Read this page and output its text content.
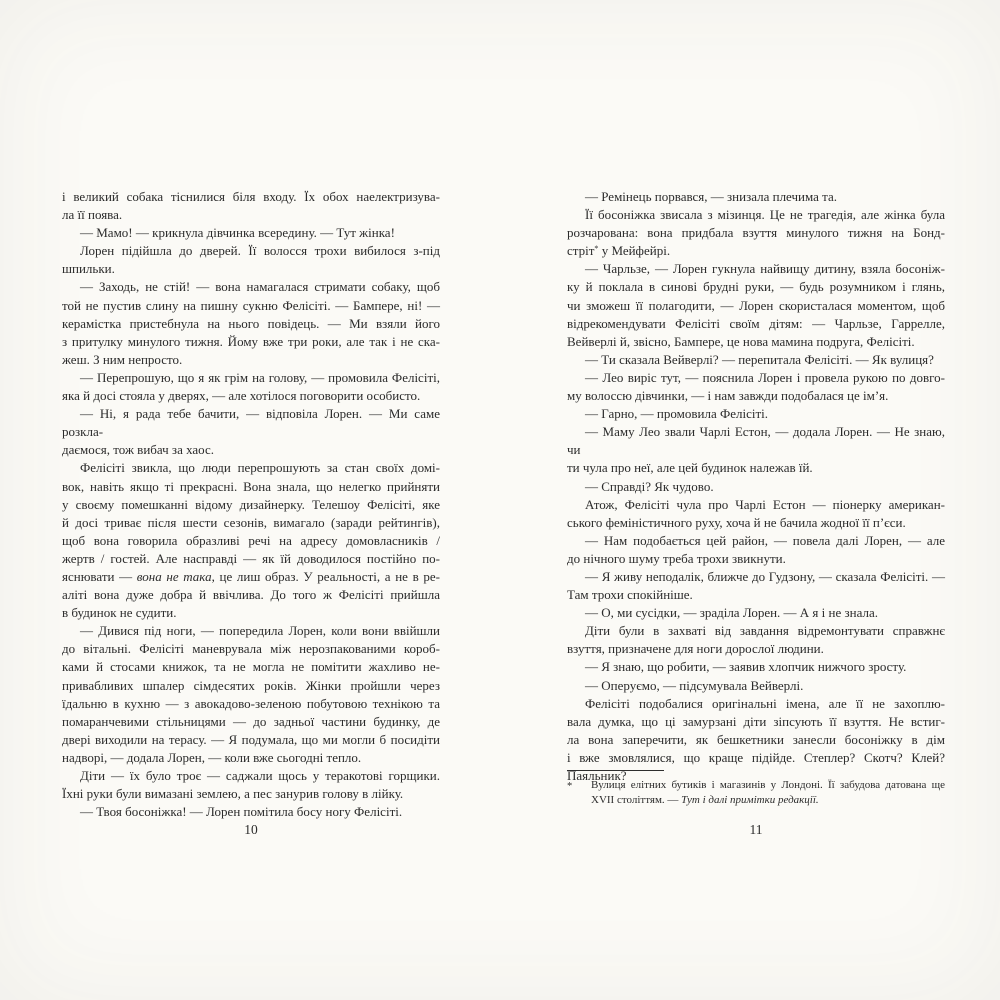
і великий собака тіснилися біля входу. Їх обох наелектризува-
ла її поява.
— Мамо! — крикнула дівчинка всередину. — Тут жінка!
Лорен підійшла до дверей. Її волосся трохи вибилося з-під
шпильки.
— Заходь, не стій! — вона намагалася стримати собаку, щоб
той не пустив слину на пишну сукню Фелісіті. — Бампере, ні! —
керамістка пристебнула на нього повідець. — Ми взяли його
з притулку минулого тижня. Йому вже три роки, але так і не ска-
жеш. З ним непросто.
— Перепрошую, що я як грім на голову, — промовила Фелісіті,
яка й досі стояла у дверях, — але хотілося поговорити особисто.
— Ні, я рада тебе бачити, — відповіла Лорен. — Ми саме розкла-
даємося, тож вибач за хаос.
Фелісіті звикла, що люди перепрошують за стан своїх домі-
вок, навіть якщо ті прекрасні. Вона знала, що нелегко прийняти
у своєму помешканні відому дизайнерку. Телешоу Фелісіті, яке
й досі триває після шести сезонів, вимагало (заради рейтингів),
щоб вона говорила образливі речі на адресу домовласників /
жертв / гостей. Але насправді — як їй доводилося постійно по-
яснювати — вона не така, це лиш образ. У реальності, а не в ре-
аліті вона дуже добра й ввічлива. До того ж Фелісіті прийшла
в будинок не судити.
— Дивися під ноги, — попередила Лорен, коли вони ввійшли
до вітальні. Фелісіті маневрувала між нерозпакованими короб-
ками й стосами книжок, та не могла не помітити жахливо не-
привабливих шпалер сімдесятих років. Жінки пройшли через
їдальню в кухню — з авокадово-зеленою побутовою технікою та
помаранчевими стільницями — до задньої частини будинку, де
двері виходили на терасу. — Я подумала, що ми могли б посидіти
надворі, — додала Лорен, — коли вже сьогодні тепло.
Діти — їх було троє — саджали щось у теракотові горщики.
Їхні руки були вимазані землею, а пес занурив голову в лійку.
— Твоя босоніжка! — Лорен помітила босу ногу Фелісіті.
— Ремінець порвався, — знизала плечима та.
Її босоніжка звисала з мізинця. Це не трагедія, але жінка була
розчарована: вона придбала взуття минулого тижня на Бонд-
стріт* у Мейфейрі.
— Чарльзе, — Лорен гукнула найвищу дитину, взяла босоніж-
ку й поклала в синові брудні руки, — будь розумником і глянь,
чи зможеш її полагодити, — Лорен скористалася моментом, щоб
відрекомендувати Фелісіті своїм дітям: — Чарльзе, Гаррелле,
Вейверлі й, звісно, Бампере, це нова мамина подруга, Фелісіті.
— Ти сказала Вейверлі? — перепитала Фелісіті. — Як вулиця?
— Лео виріс тут, — пояснила Лорен і провела рукою по довго-
му волоссю дівчинки, — і нам завжди подобалася це ім’я.
— Гарно, — промовила Фелісіті.
— Маму Лео звали Чарлі Естон, — додала Лорен. — Не знаю, чи
ти чула про неї, але цей будинок належав їй.
— Справді? Як чудово.
Атож, Фелісіті чула про Чарлі Естон — піонерку американ-
ського феміністичного руху, хоча й не бачила жодної її п’єси.
— Нам подобається цей район, — повела далі Лорен, — але
до нічного шуму треба трохи звикнути.
— Я живу неподалік, ближче до Гудзону, — сказала Фелісіті. —
Там трохи спокійніше.
— О, ми сусідки, — зраділа Лорен. — А я і не знала.
Діти були в захваті від завдання відремонтувати справжнє
взуття, призначене для ноги дорослої людини.
— Я знаю, що робити, — заявив хлопчик нижчого зросту.
— Оперуємо, — підсумувала Вейверлі.
Фелісіті подобалися оригінальні імена, але її не захоплю-
вала думка, що ці замурзані діти зіпсують її взуття. Не встиг-
ла вона заперечити, як бешкетники занесли босоніжку в дім
і вже змовлялися, що краще підійде. Степлер? Скотч? Клей?
Паяльник?
*	Вулиця елітних бутиків і магазинів у Лондоні. Її забудова датована ще
XVII століттям. — Тут і далі примітки редакції.
10	11
